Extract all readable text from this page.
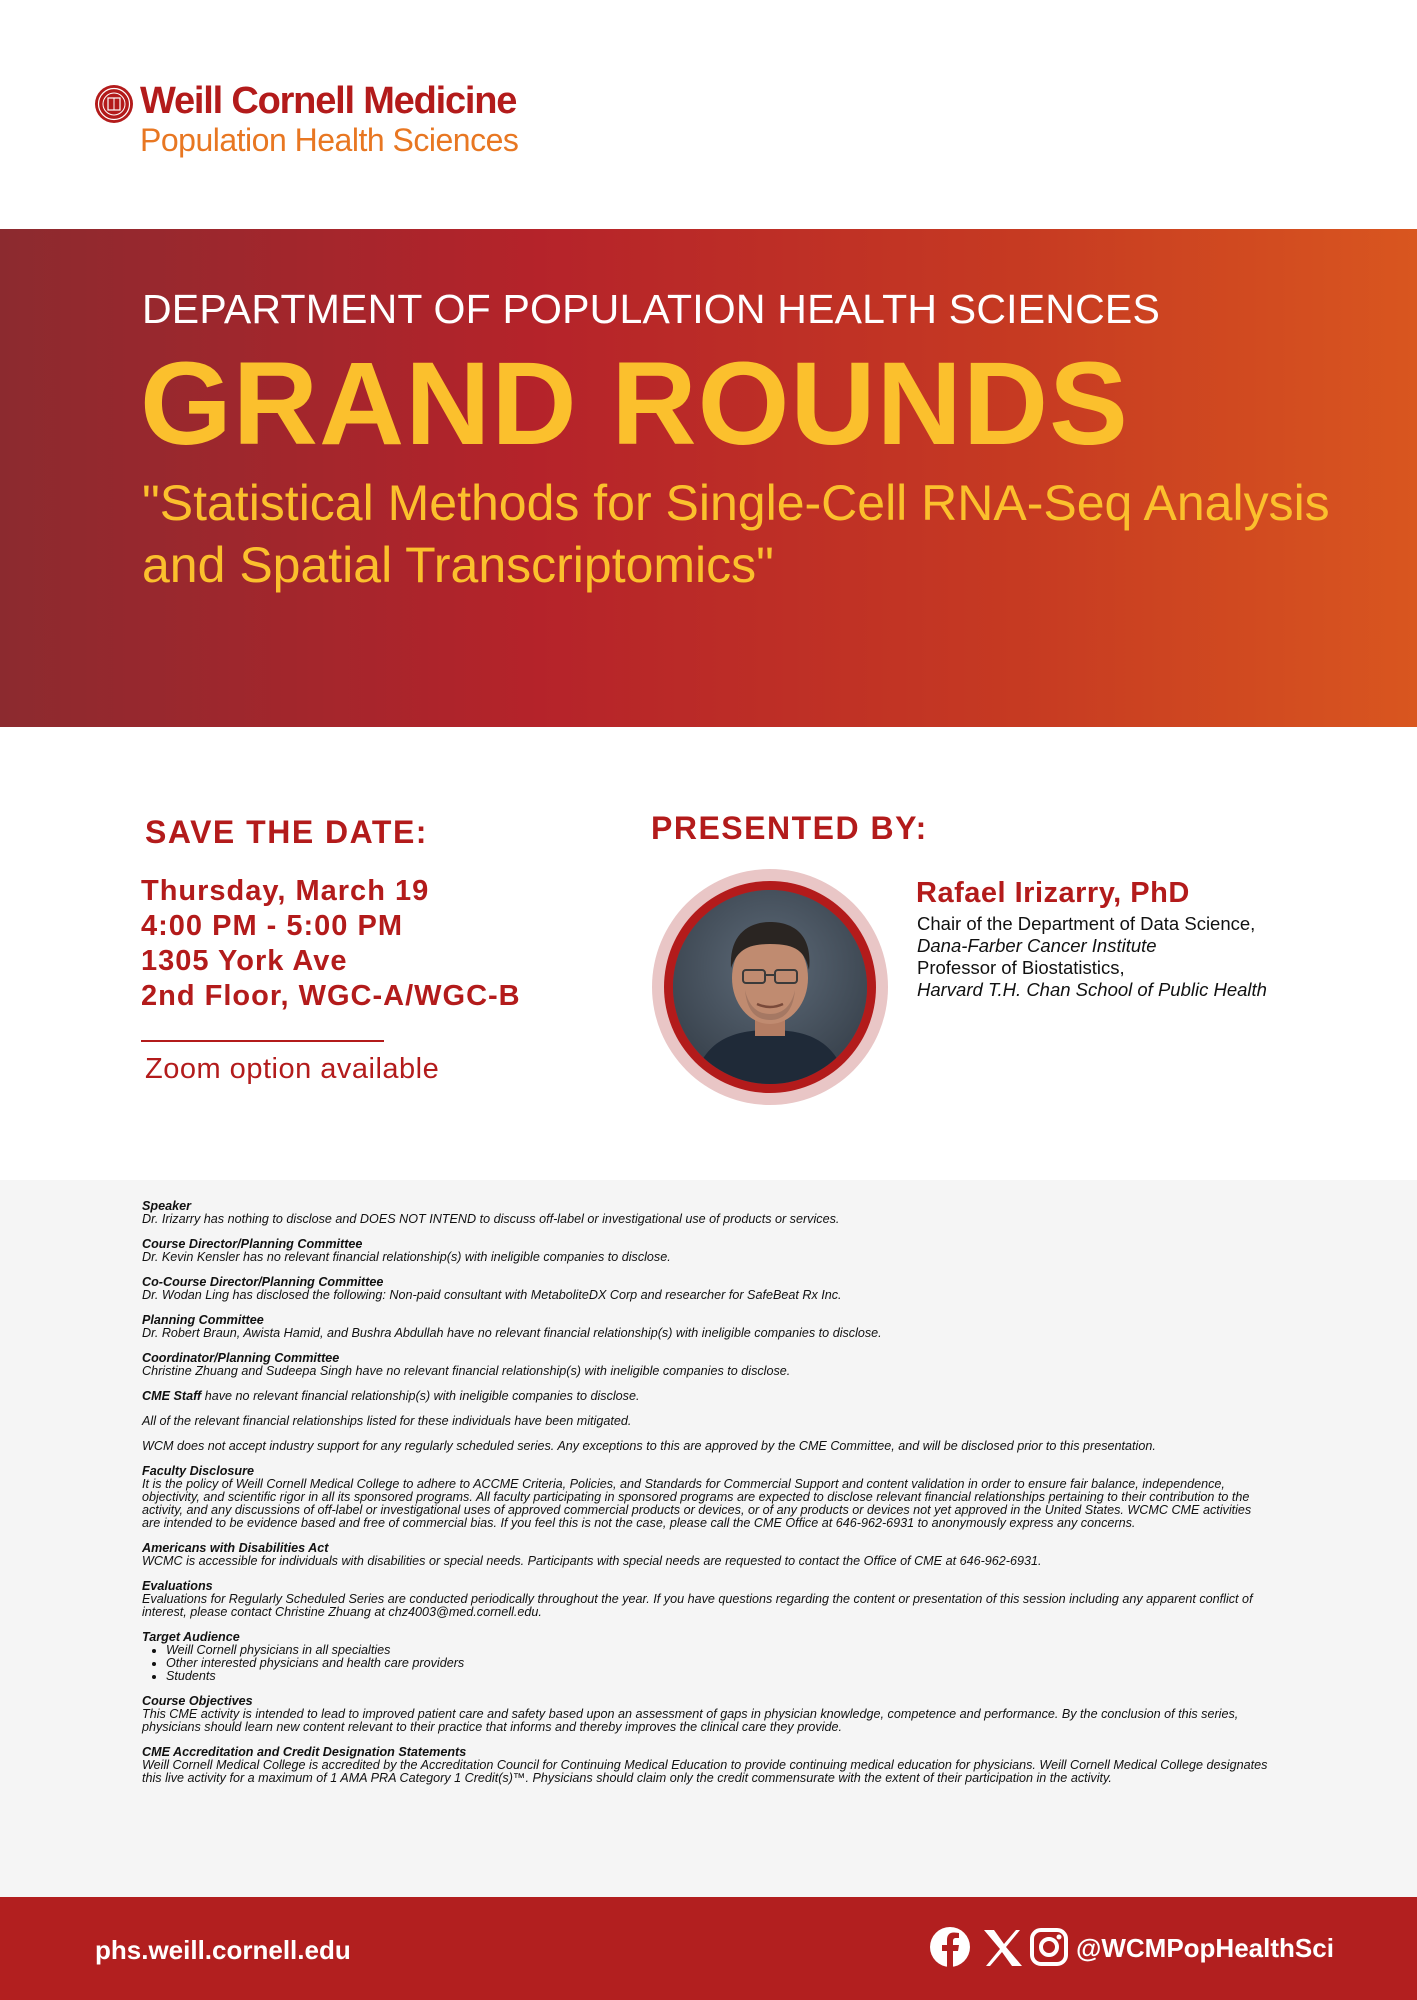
Weill Cornell Medicine
Population Health Sciences
DEPARTMENT OF POPULATION HEALTH SCIENCES
GRAND ROUNDS
"Statistical Methods for Single-Cell RNA-Seq Analysis and Spatial Transcriptomics"
SAVE THE DATE:
Thursday, March 19
4:00 PM - 5:00 PM
1305 York Ave
2nd Floor, WGC-A/WGC-B
Zoom option available
PRESENTED BY:
Rafael Irizarry, PhD
Chair of the Department of Data Science,
Dana-Farber Cancer Institute
Professor of Biostatistics,
Harvard T.H. Chan School of Public Health
Speaker
Dr. Irizarry has nothing to disclose and DOES NOT INTEND to discuss off-label or investigational use of products or services.
Course Director/Planning Committee
Dr. Kevin Kensler has no relevant financial relationship(s) with ineligible companies to disclose.
Co-Course Director/Planning Committee
Dr. Wodan Ling has disclosed the following: Non-paid consultant with MetaboliteDX Corp and researcher for SafeBeat Rx Inc.
Planning Committee
Dr. Robert Braun, Awista Hamid, and Bushra Abdullah have no relevant financial relationship(s) with ineligible companies to disclose.
Coordinator/Planning Committee
Christine Zhuang and Sudeepa Singh have no relevant financial relationship(s) with ineligible companies to disclose.
CME Staff have no relevant financial relationship(s) with ineligible companies to disclose.
All of the relevant financial relationships listed for these individuals have been mitigated.
WCM does not accept industry support for any regularly scheduled series. Any exceptions to this are approved by the CME Committee, and will be disclosed prior to this presentation.
Faculty Disclosure
It is the policy of Weill Cornell Medical College to adhere to ACCME Criteria, Policies, and Standards for Commercial Support and content validation in order to ensure fair balance, independence, objectivity, and scientific rigor in all its sponsored programs. All faculty participating in sponsored programs are expected to disclose relevant financial relationships pertaining to their contribution to the activity, and any discussions of off-label or investigational uses of approved commercial products or devices, or of any products or devices not yet approved in the United States. WCMC CME activities are intended to be evidence based and free of commercial bias. If you feel this is not the case, please call the CME Office at 646-962-6931 to anonymously express any concerns.
Americans with Disabilities Act
WCMC is accessible for individuals with disabilities or special needs. Participants with special needs are requested to contact the Office of CME at 646-962-6931.
Evaluations
Evaluations for Regularly Scheduled Series are conducted periodically throughout the year. If you have questions regarding the content or presentation of this session including any apparent conflict of interest, please contact Christine Zhuang at chz4003@med.cornell.edu.
Target Audience
• Weill Cornell physicians in all specialties
• Other interested physicians and health care providers
• Students
Course Objectives
This CME activity is intended to lead to improved patient care and safety based upon an assessment of gaps in physician knowledge, competence and performance. By the conclusion of this series, physicians should learn new content relevant to their practice that informs and thereby improves the clinical care they provide.
CME Accreditation and Credit Designation Statements
Weill Cornell Medical College is accredited by the Accreditation Council for Continuing Medical Education to provide continuing medical education for physicians. Weill Cornell Medical College designates this live activity for a maximum of 1 AMA PRA Category 1 Credit(s)™. Physicians should claim only the credit commensurate with the extent of their participation in the activity.
phs.weill.cornell.edu	@WCMPopHealthSci
